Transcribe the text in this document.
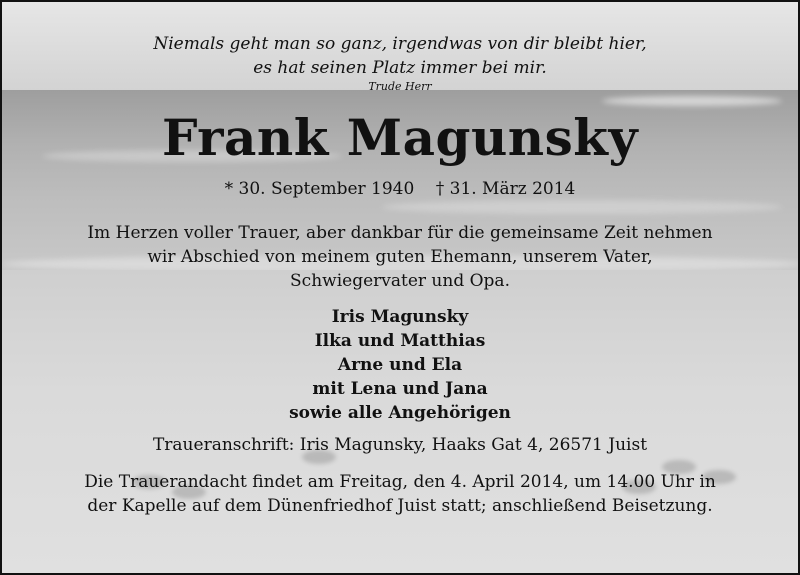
Niemals geht man so ganz, irgendwas von dir bleibt hier,
es hat seinen Platz immer bei mir.
Trude Herr
Frank Magunsky
* 30. September 1940 † 31. März 2014
Im Herzen voller Trauer, aber dankbar für die gemeinsame Zeit nehmen
wir Abschied von meinem guten Ehemann, unserem Vater,
Schwiegervater und Opa.
Iris Magunsky
Ilka und Matthias
Arne und Ela
mit Lena und Jana
sowie alle Angehörigen
Traueranschrift: Iris Magunsky, Haaks Gat 4, 26571 Juist
Die Trauerandacht findet am Freitag, den 4. April 2014, um 14.00 Uhr in
der Kapelle auf dem Dünenfriedhof Juist statt; anschließend Beisetzung.
